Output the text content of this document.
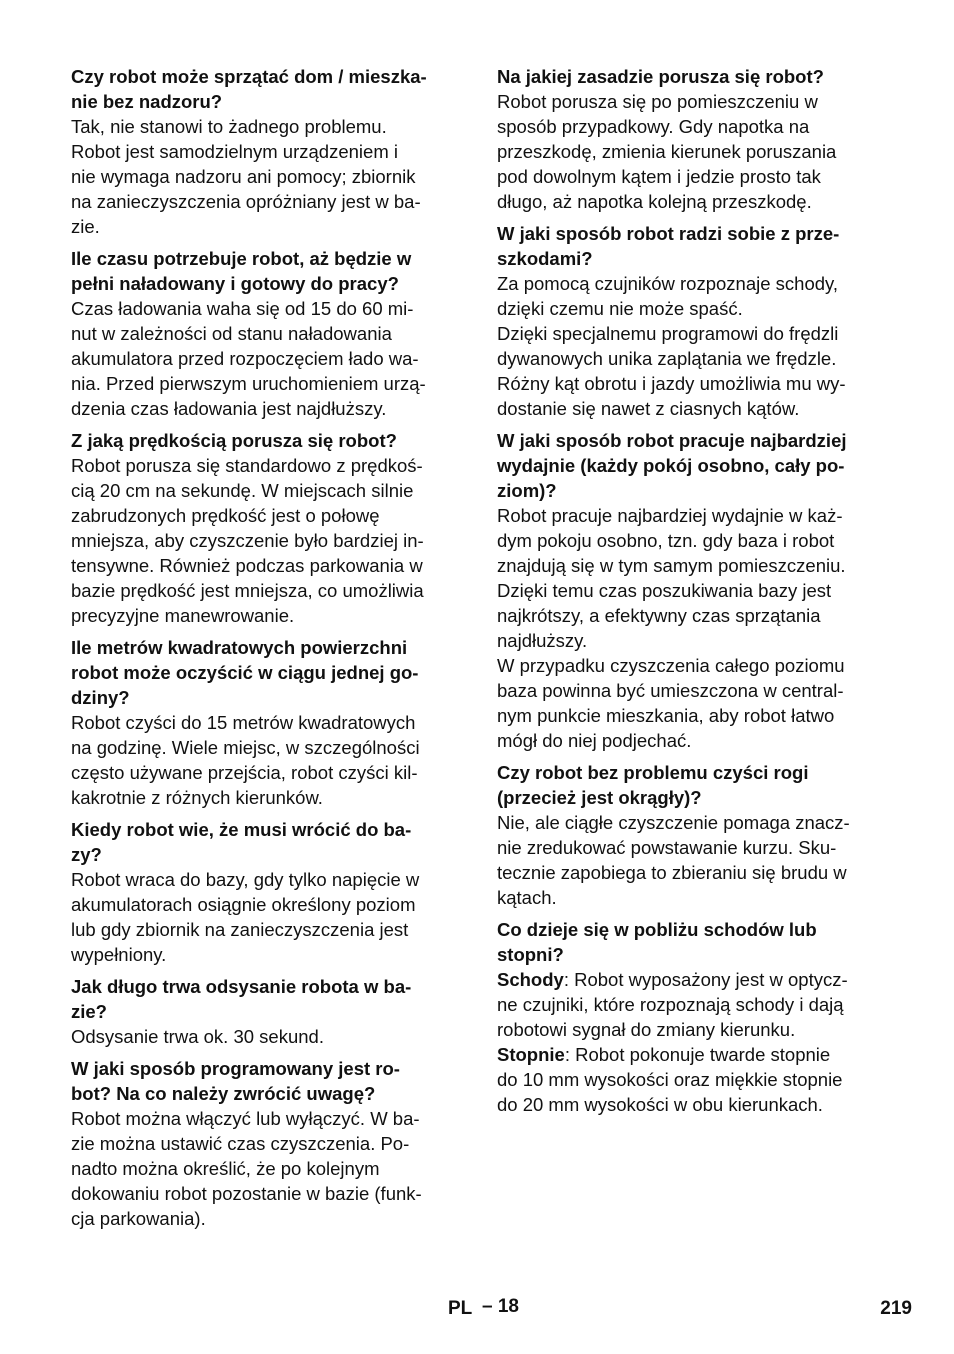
Czy robot może sprzątać dom / mieszka-
nie bez nadzoru?

Tak, nie stanowi to żadnego problemu.
Robot jest samodzielnym urządzeniem i
nie wymaga nadzoru ani pomocy; zbiornik
na zanieczyszczenia opróżniany jest w ba-
zie.

Ile czasu potrzebuje robot, aż będzie w
pełni naładowany i gotowy do pracy?

Czas ładowania waha się od 15 do 60 mi-
nut w zależności od stanu naładowania
akumulatora przed rozpoczęciem łado wa-
nia. Przed pierwszym uruchomieniem urzą-
dzenia czas ładowania jest najdłuższy.

Z jaką prędkością porusza się robot?

Robot porusza się standardowo z prędkoś-
cią 20 cm na sekundę. W miejscach silnie
zabrudzonych prędkość jest o połowę
mniejsza, aby czyszczenie było bardziej in-
tensywne. Również podczas parkowania w
bazie prędkość jest mniejsza, co umożliwia
precyzyjne manewrowanie.

Ile metrów kwadratowych powierzchni
robot może oczyścić w ciągu jednej go-
dziny?

Robot czyści do 15 metrów kwadratowych
na godzinę. Wiele miejsc, w szczególności
często używane przejścia, robot czyści kil-
kakrotnie z różnych kierunków.

Kiedy robot wie, że musi wrócić do ba-
zy?

Robot wraca do bazy, gdy tylko napięcie w
akumulatorach osiągnie określony poziom
lub gdy zbiornik na zanieczyszczenia jest
wypełniony.

Jak długo trwa odsysanie robota w ba-
zie?

Odsysanie trwa ok. 30 sekund.

W jaki sposób programowany jest ro-
bot? Na co należy zwrócić uwagę?

Robot można włączyć lub wyłączyć. W ba-
zie można ustawić czas czyszczenia. Po-
nadto można określić, że po kolejnym
dokowaniu robot pozostanie w bazie (funk-
cja parkowania).

Na jakiej zasadzie porusza się robot?

Robot porusza się po pomieszczeniu w
sposób przypadkowy. Gdy napotka na
przeszkodę, zmienia kierunek poruszania
pod dowolnym kątem i jedzie prosto tak
długo, aż napotka kolejną przeszkodę.

W jaki sposób robot radzi sobie z prze-
szkodami?

Za pomocą czujników rozpoznaje schody,
dzięki czemu nie może spaść.
Dzięki specjalnemu programowi do frędzli
dywanowych unika zaplątania we frędzle.
Różny kąt obrotu i jazdy umożliwia mu wy-
dostanie się nawet z ciasnych kątów.

W jaki sposób robot pracuje najbardziej
wydajnie (każdy pokój osobno, cały po-
ziom)?

Robot pracuje najbardziej wydajnie w każ-
dym pokoju osobno, tzn. gdy baza i robot
znajdują się w tym samym pomieszczeniu.
Dzięki temu czas poszukiwania bazy jest
najkrótszy, a efektywny czas sprzątania
najdłuższy.
W przypadku czyszczenia całego poziomu
baza powinna być umieszczona w central-
nym punkcie mieszkania, aby robot łatwo
mógł do niej podjechać.

Czy robot bez problemu czyści rogi
(przecież jest okrągły)?

Nie, ale ciągłe czyszczenie pomaga znacz-
nie zredukować powstawanie kurzu. Sku-
tecznie zapobiega to zbieraniu się brudu w
kątach.

Co dzieje się w pobliżu schodów lub
stopni?

Schody: Robot wyposażony jest w optycz-
ne czujniki, które rozpoznają schody i dają
robotowi sygnał do zmiany kierunku.
Stopnie: Robot pokonuje twarde stopnie
do 10 mm wysokości oraz miękkie stopnie
do 20 mm wysokości w obu kierunkach.

PL – 18	219
